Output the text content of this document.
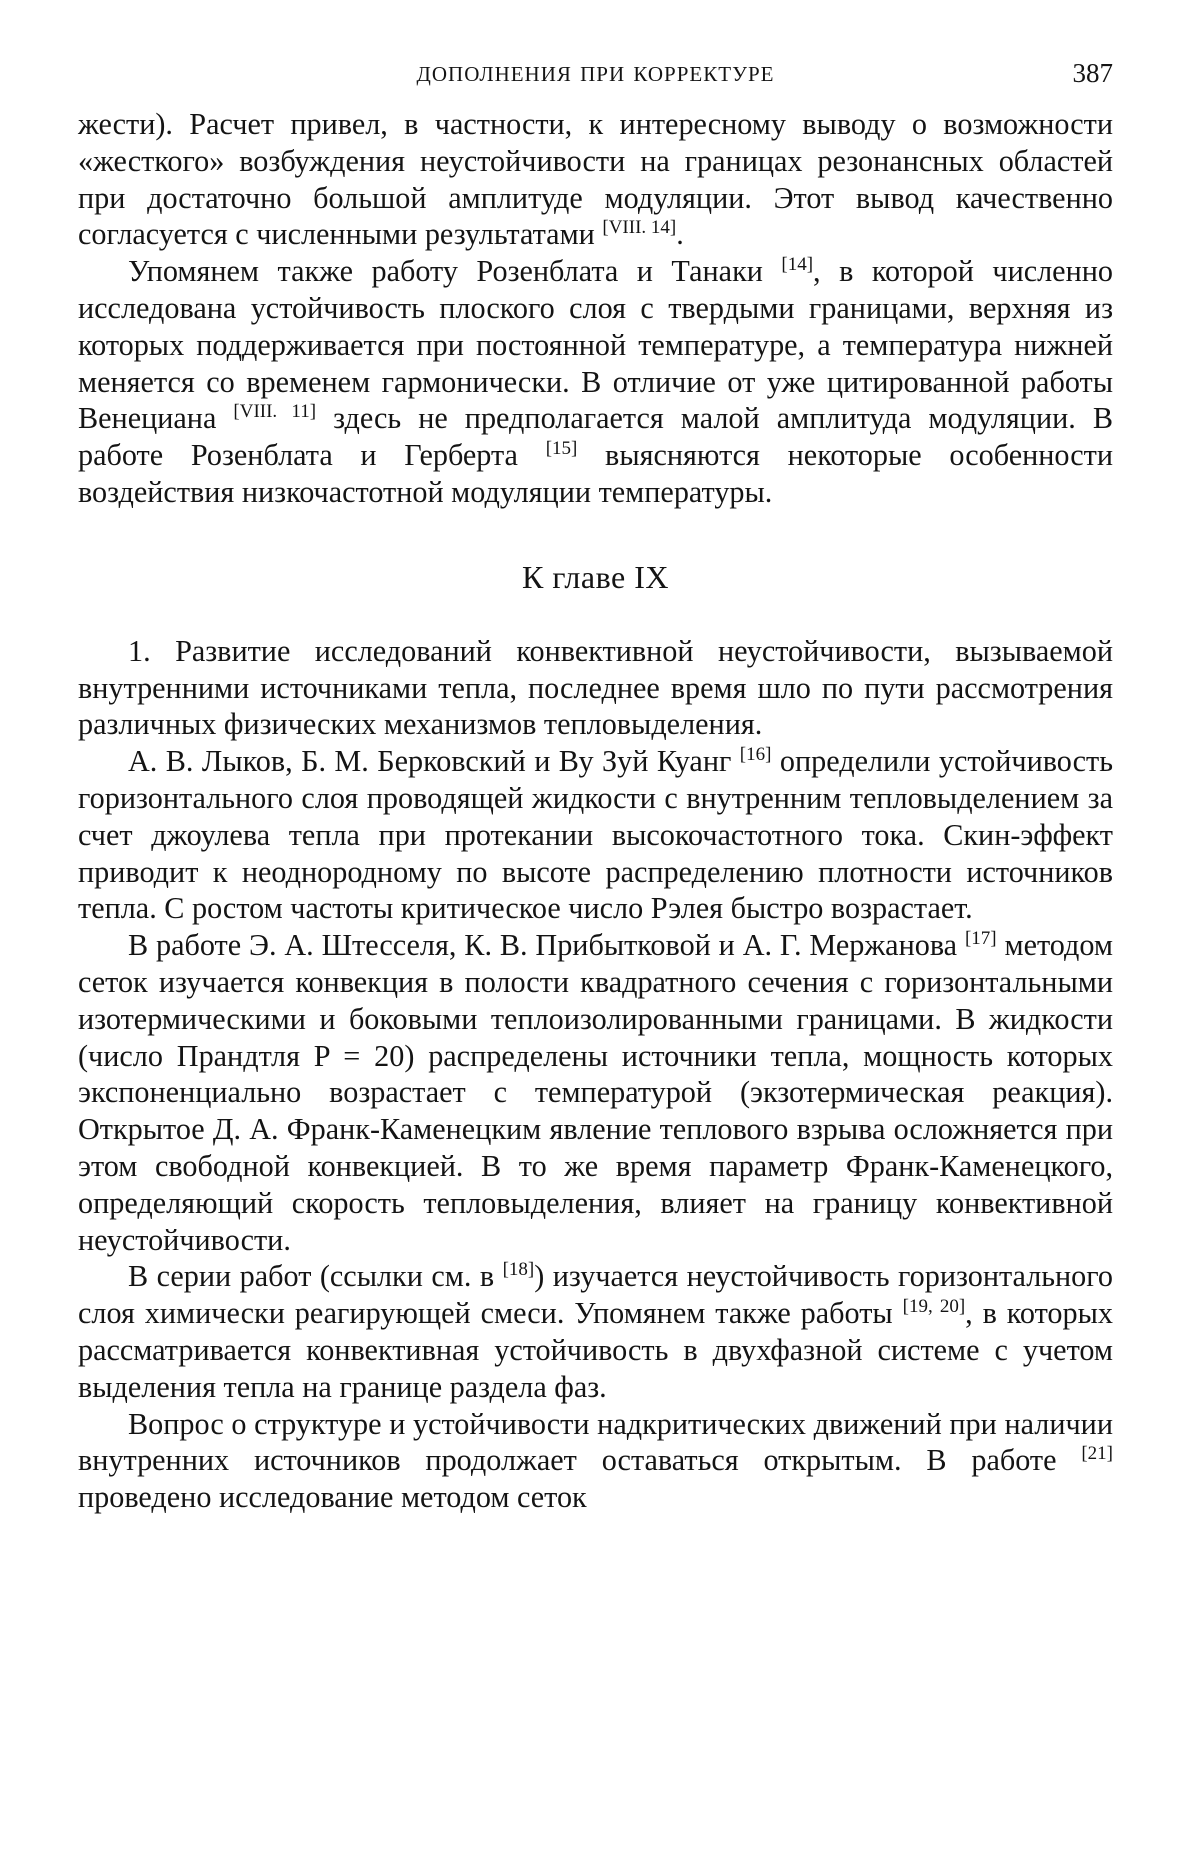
ДОПОЛНЕНИЯ ПРИ КОРРЕКТУРЕ	387

жести). Расчет привел, в частности, к интересному выводу о возможности «жесткого» возбуждения неустойчивости на границах резонансных областей при достаточно большой амплитуде модуляции. Этот вывод качественно согласуется с численными результатами [VIII. 14].

Упомянем также работу Розенблата и Танаки [14], в которой численно исследована устойчивость плоского слоя с твердыми границами, верхняя из которых поддерживается при постоянной температуре, а температура нижней меняется со временем гармонически. В отличие от уже цитированной работы Венециана [VIII. 11] здесь не предполагается малой амплитуда модуляции. В работе Розенблата и Герберта [15] выясняются некоторые особенности воздействия низкочастотной модуляции температуры.

К главе IX

1. Развитие исследований конвективной неустойчивости, вызываемой внутренними источниками тепла, последнее время шло по пути рассмотрения различных физических механизмов тепловыделения.

А. В. Лыков, Б. М. Берковский и Ву Зуй Куанг [16] определили устойчивость горизонтального слоя проводящей жидкости с внутренним тепловыделением за счет джоулева тепла при протекании высокочастотного тока. Скин-эффект приводит к неоднородному по высоте распределению плотности источников тепла. С ростом частоты критическое число Рэлея быстро возрастает.

В работе Э. А. Штесселя, К. В. Прибытковой и А. Г. Мержанова [17] методом сеток изучается конвекция в полости квадратного сечения с горизонтальными изотермическими и боковыми теплоизолированными границами. В жидкости (число Прандтля P = 20) распределены источники тепла, мощность которых экспоненциально возрастает с температурой (экзотермическая реакция). Открытое Д. А. Франк-Каменецким явление теплового взрыва осложняется при этом свободной конвекцией. В то же время параметр Франк-Каменецкого, определяющий скорость тепловыделения, влияет на границу конвективной неустойчивости.

В серии работ (ссылки см. в [18]) изучается неустойчивость горизонтального слоя химически реагирующей смеси. Упомянем также работы [19, 20], в которых рассматривается конвективная устойчивость в двухфазной системе с учетом выделения тепла на границе раздела фаз.

Вопрос о структуре и устойчивости надкритических движений при наличии внутренних источников продолжает оставаться открытым. В работе [21] проведено исследование методом сеток
